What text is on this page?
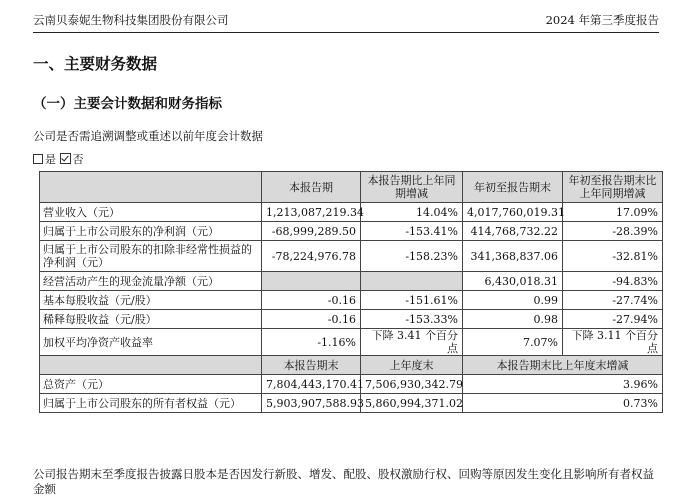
云南贝泰妮生物科技集团股份有限公司	2024 年第三季度报告
一、主要财务数据
（一）主要会计数据和财务指标
公司是否需追溯调整或重述以前年度会计数据
是 否
	本报告期	本报告期比上年同期增减	年初至报告期末	年初至报告期末比上年同期增减
营业收入（元）	1,213,087,219.34	14.04%	4,017,760,019.31	17.09%
归属于上市公司股东的净利润（元）	-68,999,289.50	-153.41%	414,768,732.22	-28.39%
归属于上市公司股东的扣除非经常性损益的净利润（元）	-78,224,976.78	-158.23%	341,368,837.06	-32.81%
经营活动产生的现金流量净额（元）			6,430,018.31	-94.83%
基本每股收益（元/股）	-0.16	-151.61%	0.99	-27.74%
稀释每股收益（元/股）	-0.16	-153.33%	0.98	-27.94%
加权平均净资产收益率	-1.16%	下降 3.41 个百分点	7.07%	下降 3.11 个百分点
	本报告期末	上年度末	本报告期末比上年度末增减	
总资产（元）	7,804,443,170.41	7,506,930,342.79	3.96%	
归属于上市公司股东的所有者权益（元）	5,903,907,588.93	5,860,994,371.02	0.73%	
公司报告期末至季度报告披露日股本是否因发行新股、增发、配股、股权激励行权、回购等原因发生变化且影响所有者权益金额
